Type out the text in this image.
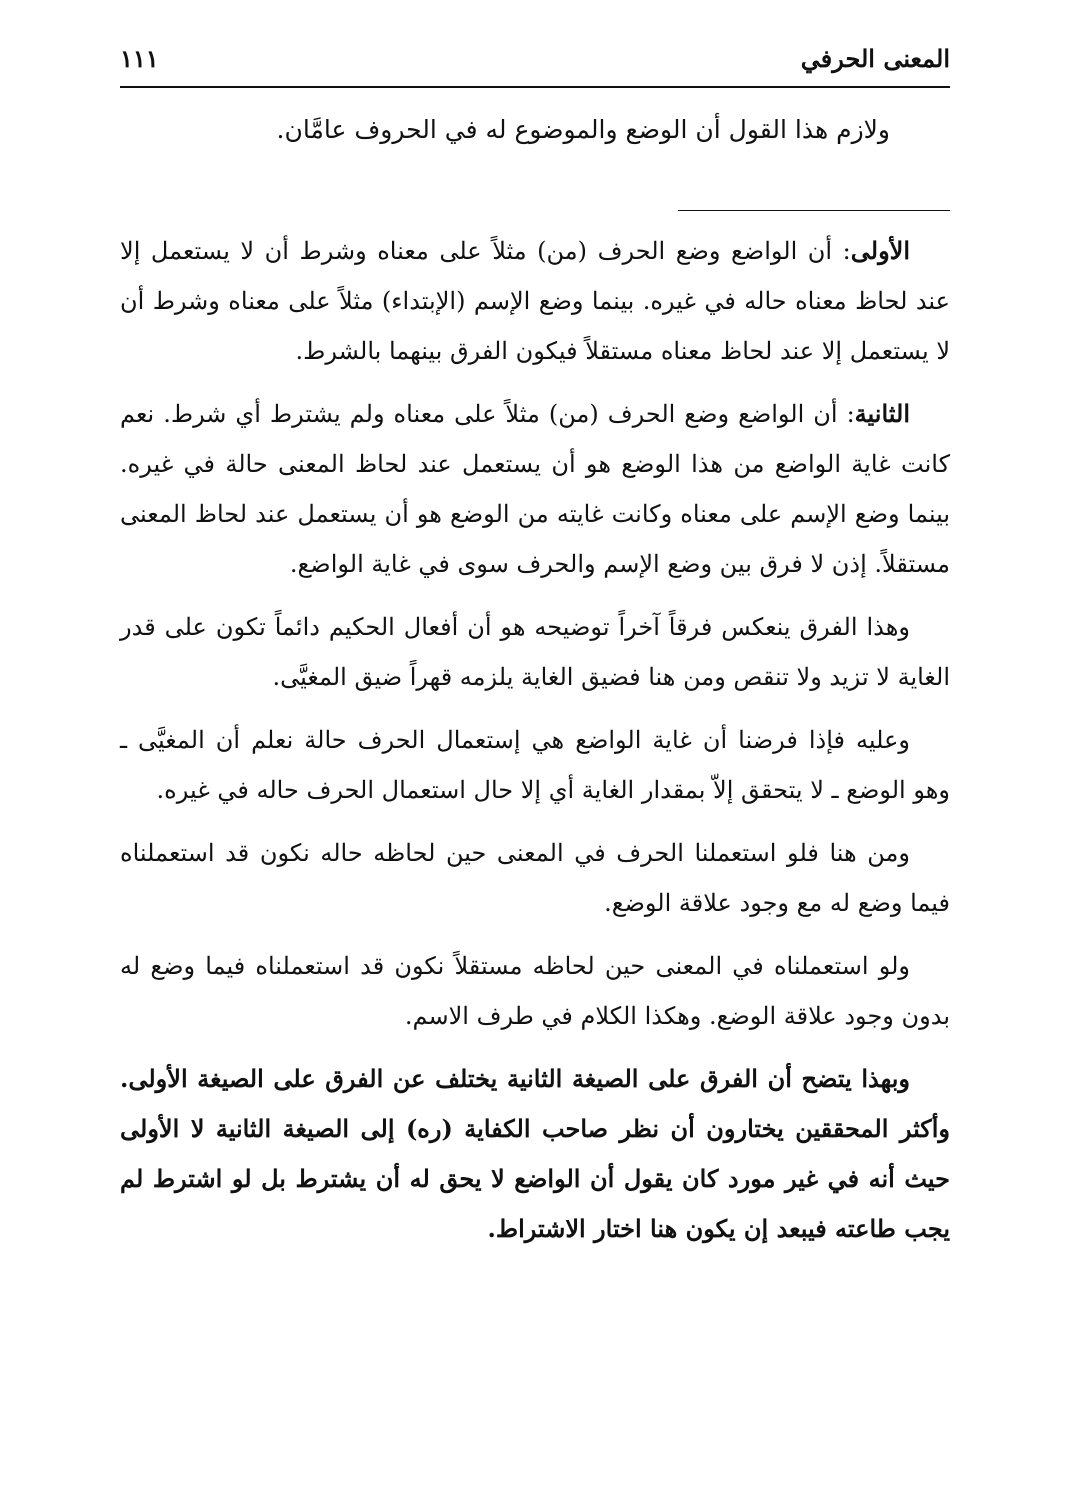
المعنى الحرفي
١١١

ولازم هذا القول أن الوضع والموضوع له في الحروف عامَّان.

الأولى: أن الواضع وضع الحرف (من) مثلاً على معناه وشرط أن لا يستعمل إلا عند لحاظ معناه حاله في غيره. بينما وضع الإسم (الإبتداء) مثلاً على معناه وشرط أن لا يستعمل إلا عند لحاظ معناه مستقلاً فيكون الفرق بينهما بالشرط.

الثانية: أن الواضع وضع الحرف (من) مثلاً على معناه ولم يشترط أي شرط. نعم كانت غاية الواضع من هذا الوضع هو أن يستعمل عند لحاظ المعنى حالة في غيره. بينما وضع الإسم على معناه وكانت غايته من الوضع هو أن يستعمل عند لحاظ المعنى مستقلاً. إذن لا فرق بين وضع الإسم والحرف سوى في غاية الواضع.

وهذا الفرق ينعكس فرقاً آخراً توضيحه هو أن أفعال الحكيم دائماً تكون على قدر الغاية لا تزيد ولا تنقص ومن هنا فضيق الغاية يلزمه قهراً ضيق المغيَّى.

وعليه فإذا فرضنا أن غاية الواضع هي إستعمال الحرف حالة نعلم أن المغيَّى ـ وهو الوضع ـ لا يتحقق إلاّ بمقدار الغاية أي إلا حال استعمال الحرف حاله في غيره.

ومن هنا فلو استعملنا الحرف في المعنى حين لحاظه حاله نكون قد استعملناه فيما وضع له مع وجود علاقة الوضع.

ولو استعملناه في المعنى حين لحاظه مستقلاً نكون قد استعملناه فيما وضع له بدون وجود علاقة الوضع. وهكذا الكلام في طرف الاسم.

وبهذا يتضح أن الفرق على الصيغة الثانية يختلف عن الفرق على الصيغة الأولى. وأكثر المحققين يختارون أن نظر صاحب الكفاية (ره) إلى الصيغة الثانية لا الأولى حيث أنه في غير مورد كان يقول أن الواضع لا يحق له أن يشترط بل لو اشترط لم يجب طاعته فيبعد إن يكون هنا اختار الاشتراط.
